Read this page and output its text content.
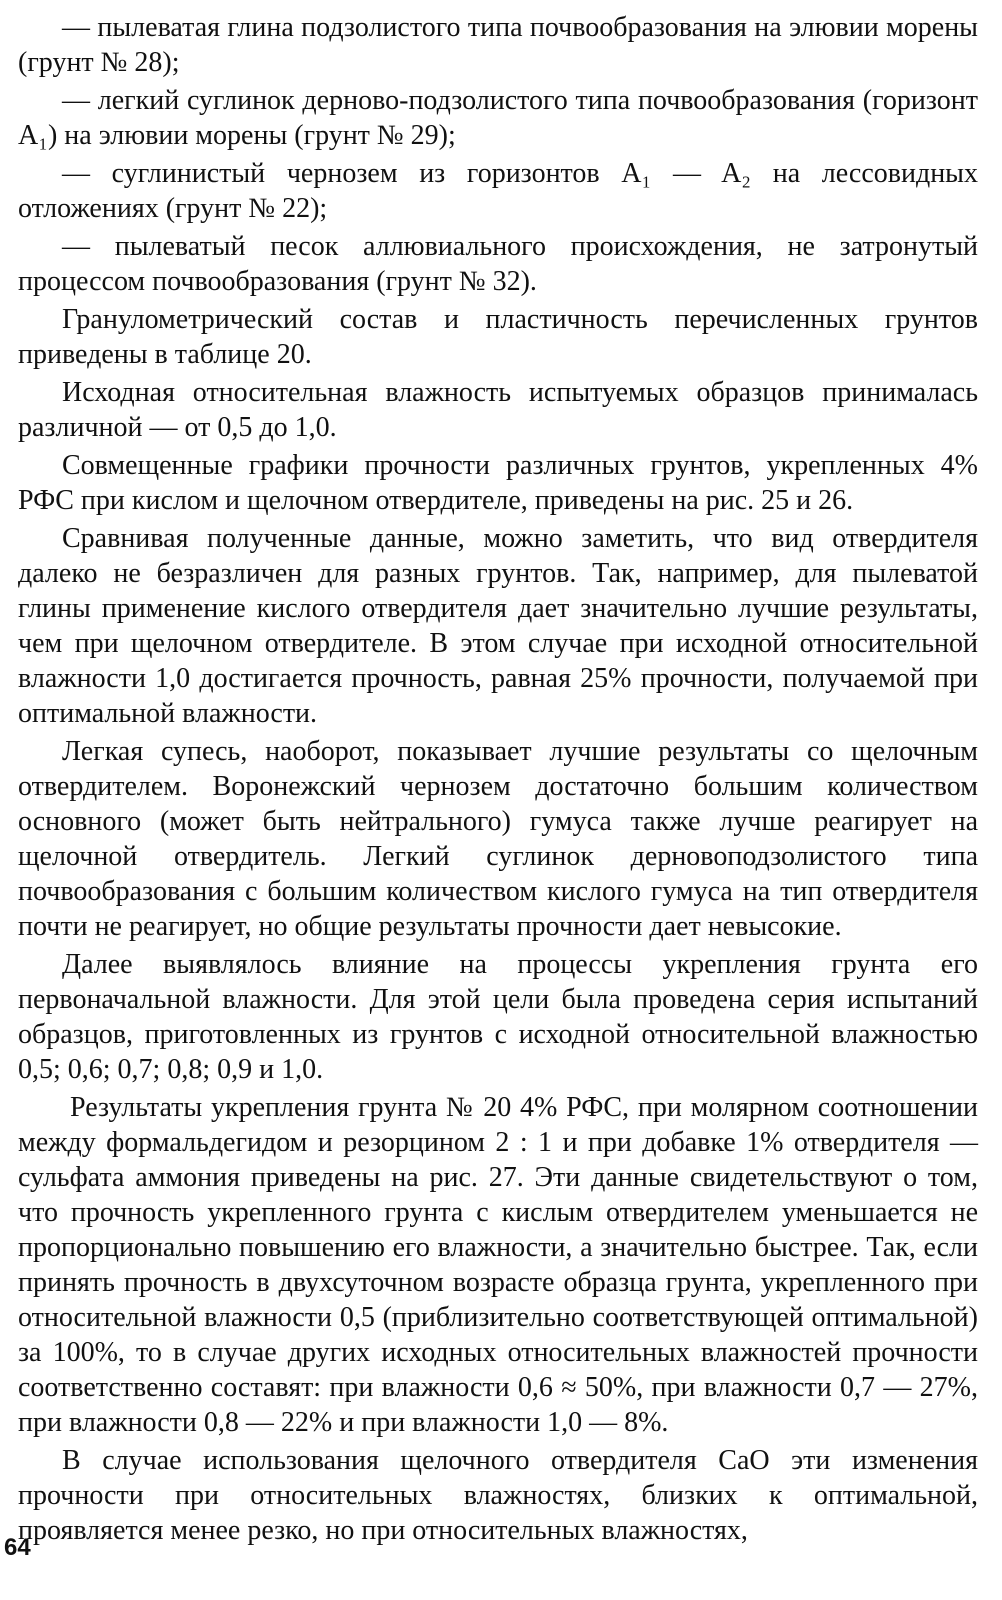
— пылеватая глина подзолистого типа почвообразования на элювии морены (грунт № 28);

— легкий суглинок дерново-подзолистого типа почвообразования (горизонт A₁) на элювии морены (грунт № 29);

— суглинистый чернозем из горизонтов A₁ — A₂ на лессовидных отложениях (грунт № 22);

— пылеватый песок аллювиального происхождения, не затронутый процессом почвообразования (грунт № 32).

Гранулометрический состав и пластичность перечисленных грунтов приведены в таблице 20.

Исходная относительная влажность испытуемых образцов принималась различной — от 0,5 до 1,0.

Совмещенные графики прочности различных грунтов, укрепленных 4% РФС при кислом и щелочном отвердителе, приведены на рис. 25 и 26.

Сравнивая полученные данные, можно заметить, что вид отвердителя далеко не безразличен для разных грунтов. Так, например, для пылеватой глины применение кислого отвердителя дает значительно лучшие результаты, чем при щелочном отвердителе. В этом случае при исходной относительной влажности 1,0 достигается прочность, равная 25% прочности, получаемой при оптимальной влажности.

Легкая супесь, наоборот, показывает лучшие результаты со щелочным отвердителем. Воронежский чернозем достаточно большим количеством основного (может быть нейтрального) гумуса также лучше реагирует на щелочной отвердитель. Легкий суглинок дерновоподзолистого типа почвообразования с большим количеством кислого гумуса на тип отвердителя почти не реагирует, но общие результаты прочности дает невысокие.

Далее выявлялось влияние на процессы укрепления грунта его первоначальной влажности. Для этой цели была проведена серия испытаний образцов, приготовленных из грунтов с исходной относительной влажностью 0,5; 0,6; 0,7; 0,8; 0,9 и 1,0.

Результаты укрепления грунта № 20 4% РФС, при молярном соотношении между формальдегидом и резорцином 2 : 1 и при добавке 1% отвердителя — сульфата аммония приведены на рис. 27. Эти данные свидетельствуют о том, что прочность укрепленного грунта с кислым отвердителем уменьшается не пропорционально повышению его влажности, а значительно быстрее. Так, если принять прочность в двухсуточном возрасте образца грунта, укрепленного при относительной влажности 0,5 (приблизительно соответствующей оптимальной) за 100%, то в случае других исходных относительных влажностей прочности соответственно составят: при влажности 0,6 ≈ 50%, при влажности 0,7 — 27%, при влажности 0,8 — 22% и при влажности 1,0 — 8%.

В случае использования щелочного отвердителя CaO эти изменения прочности при относительных влажностях, близких к оптимальной, проявляется менее резко, но при относительных влажностях,

64
